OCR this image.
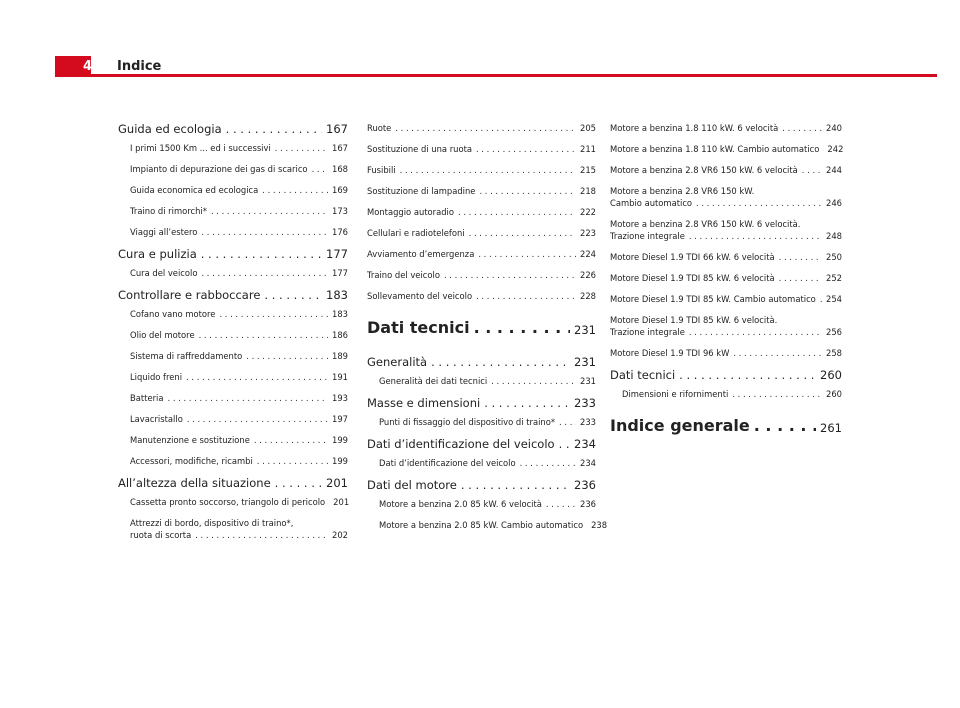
4 Indice
Guida ed ecologia . . .	167
I primi 1500 Km ... ed i successivi . . .	167
Impianto di depurazione dei gas di scarico . . .	168
Guida economica ed ecologica . . .	169
Traino di rimorchi* . . .	173
Viaggi all’estero . . .	176
Cura e pulizia . . .	177
Cura del veicolo . . .	177
Controllare e rabboccare . . .	183
Cofano vano motore . . .	183
Olio del motore . . .	186
Sistema di raffreddamento . . .	189
Liquido freni . . .	191
Batteria . . .	193
Lavacristallo . . .	197
Manutenzione e sostituzione . . .	199
Accessori, modifiche, ricambi . . .	199
All’altezza della situazione . . .	201
Cassetta pronto soccorso, triangolo di pericolo 201
Attrezzi di bordo, dispositivo di traino*,
ruota di scorta . . .	202
Ruote . . .	205
Sostituzione di una ruota . . .	211
Fusibili . . .	215
Sostituzione di lampadine . . .	218
Montaggio autoradio . . .	222
Cellulari e radiotelefoni . . .	223
Avviamento d’emergenza . . .	224
Traino del veicolo . . .	226
Sollevamento del veicolo . . .	228
Dati tecnici . . .	231
Generalità . . .	231
Generalità dei dati tecnici . . .	231
Masse e dimensioni . . .	233
Punti di fissaggio del dispositivo di traino* . . .	233
Dati d’identificazione del veicolo . . . 234
Dati d’identificazione del veicolo . . .	234
Dati del motore . . .	236
Motore a benzina 2.0 85 kW. 6 velocità . . .	236
Motore a benzina 2.0 85 kW. Cambio automatico 238
Motore a benzina 1.8 110 kW. 6 velocità . . .	240
Motore a benzina 1.8 110 kW. Cambio automatico 242
Motore a benzina 2.8 VR6 150 kW. 6 velocità . . .	244
Motore a benzina 2.8 VR6 150 kW.
Cambio automatico . . .	246
Motore a benzina 2.8 VR6 150 kW. 6 velocità.
Trazione integrale . . .	248
Motore Diesel 1.9 TDI 66 kW. 6 velocità . . .	250
Motore Diesel 1.9 TDI 85 kW. 6 velocità . . .	252
Motore Diesel 1.9 TDI 85 kW. Cambio automatico . . . 254
Motore Diesel 1.9 TDI 85 kW. 6 velocità.
Trazione integrale . . .	256
Motore Diesel 1.9 TDI 96 kW . . .	258
Dati tecnici . . .	260
Dimensioni e rifornimenti . . .	260
Indice generale . . .	261
